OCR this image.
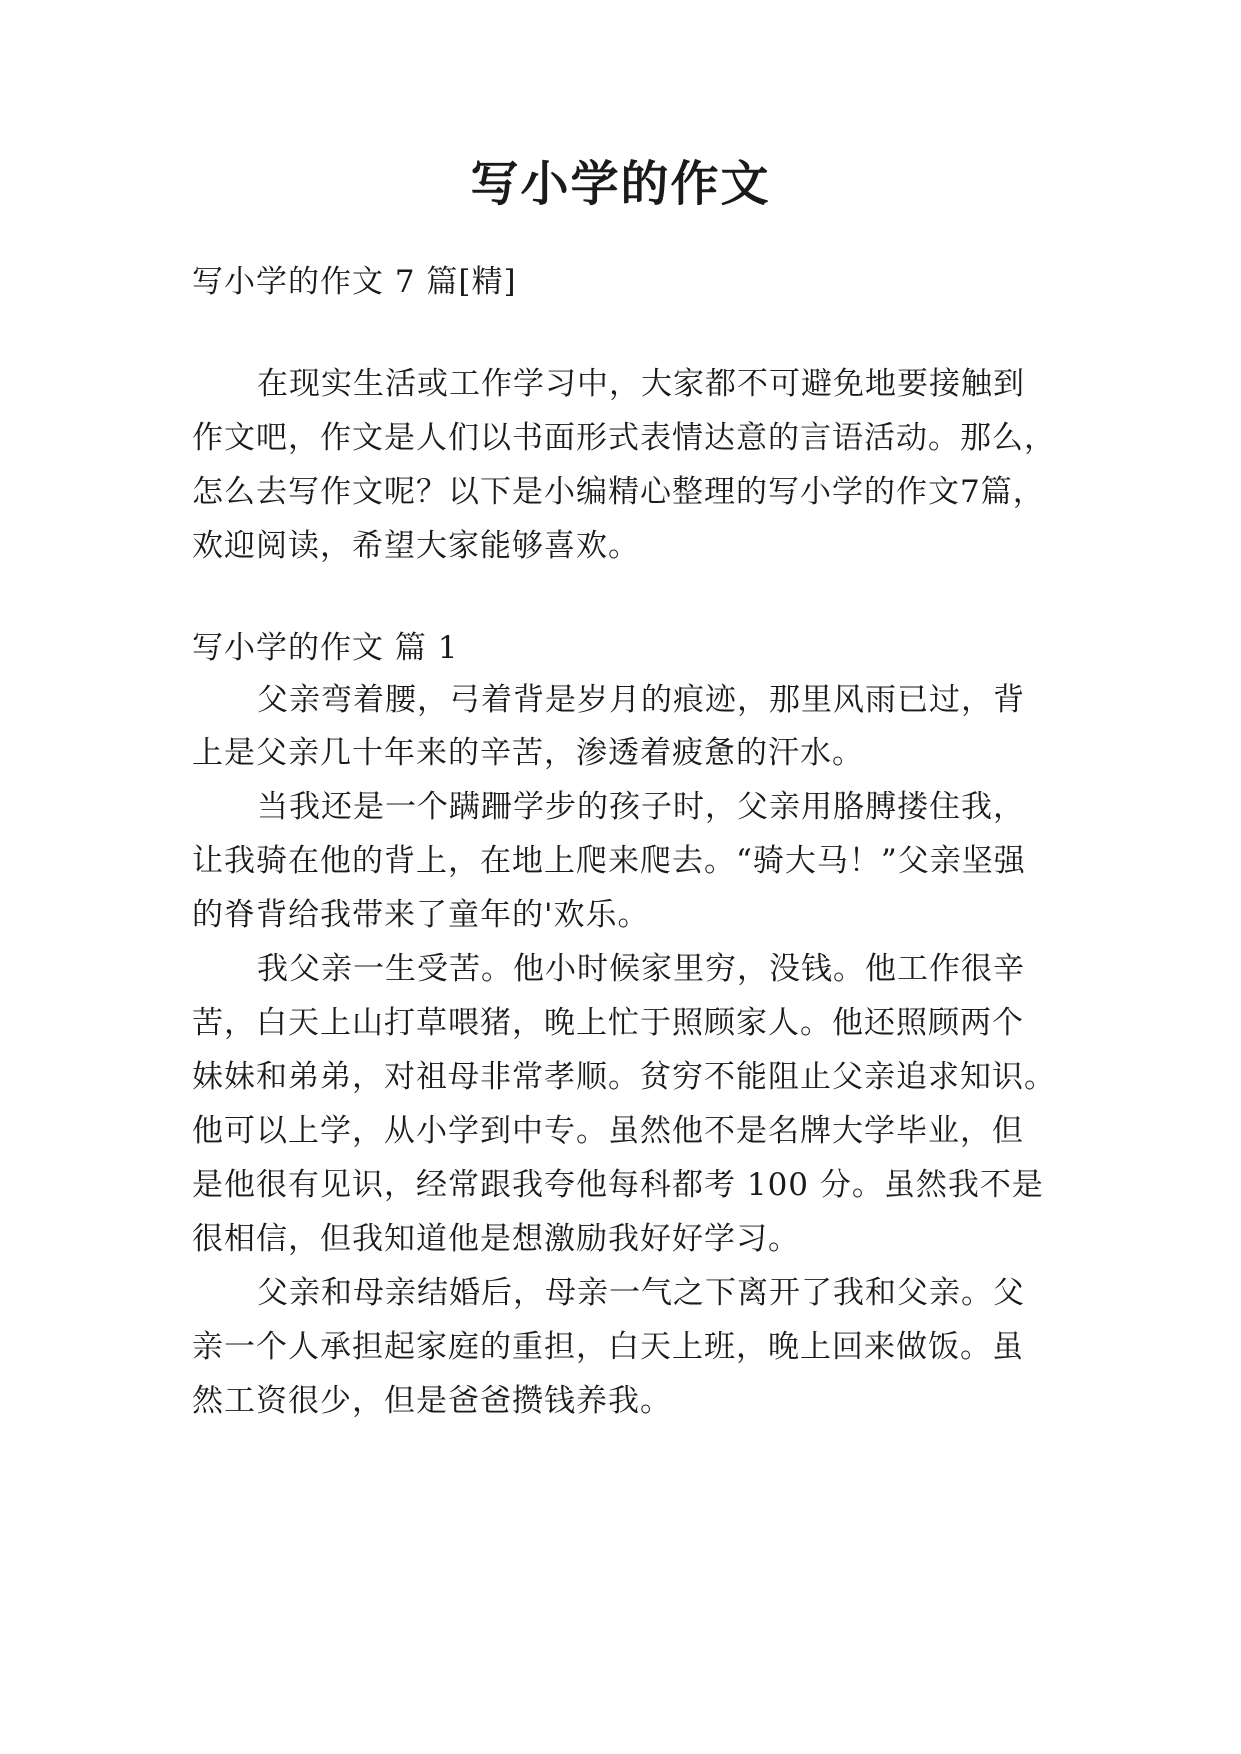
写小学的作文

写小学的作文 7 篇[精]

在现实生活或工作学习中，大家都不可避免地要接触到

作文吧，作文是人们以书面形式表情达意的言语活动。那么，

怎么去写作文呢？以下是小编精心整理的写小学的作文7篇，

欢迎阅读，希望大家能够喜欢。

写小学的作文 篇 1

父亲弯着腰，弓着背是岁月的痕迹，那里风雨已过，背

上是父亲几十年来的辛苦，渗透着疲惫的汗水。

当我还是一个蹒跚学步的孩子时，父亲用胳膊搂住我，

让我骑在他的背上，在地上爬来爬去。“骑大马！”父亲坚强

的脊背给我带来了童年的'欢乐。

我父亲一生受苦。他小时候家里穷，没钱。他工作很辛

苦，白天上山打草喂猪，晚上忙于照顾家人。他还照顾两个

妹妹和弟弟，对祖母非常孝顺。贫穷不能阻止父亲追求知识。

他可以上学，从小学到中专。虽然他不是名牌大学毕业，但

是他很有见识，经常跟我夸他每科都考 100 分。虽然我不是

很相信，但我知道他是想激励我好好学习。

父亲和母亲结婚后，母亲一气之下离开了我和父亲。父

亲一个人承担起家庭的重担，白天上班，晚上回来做饭。虽

然工资很少，但是爸爸攒钱养我。
